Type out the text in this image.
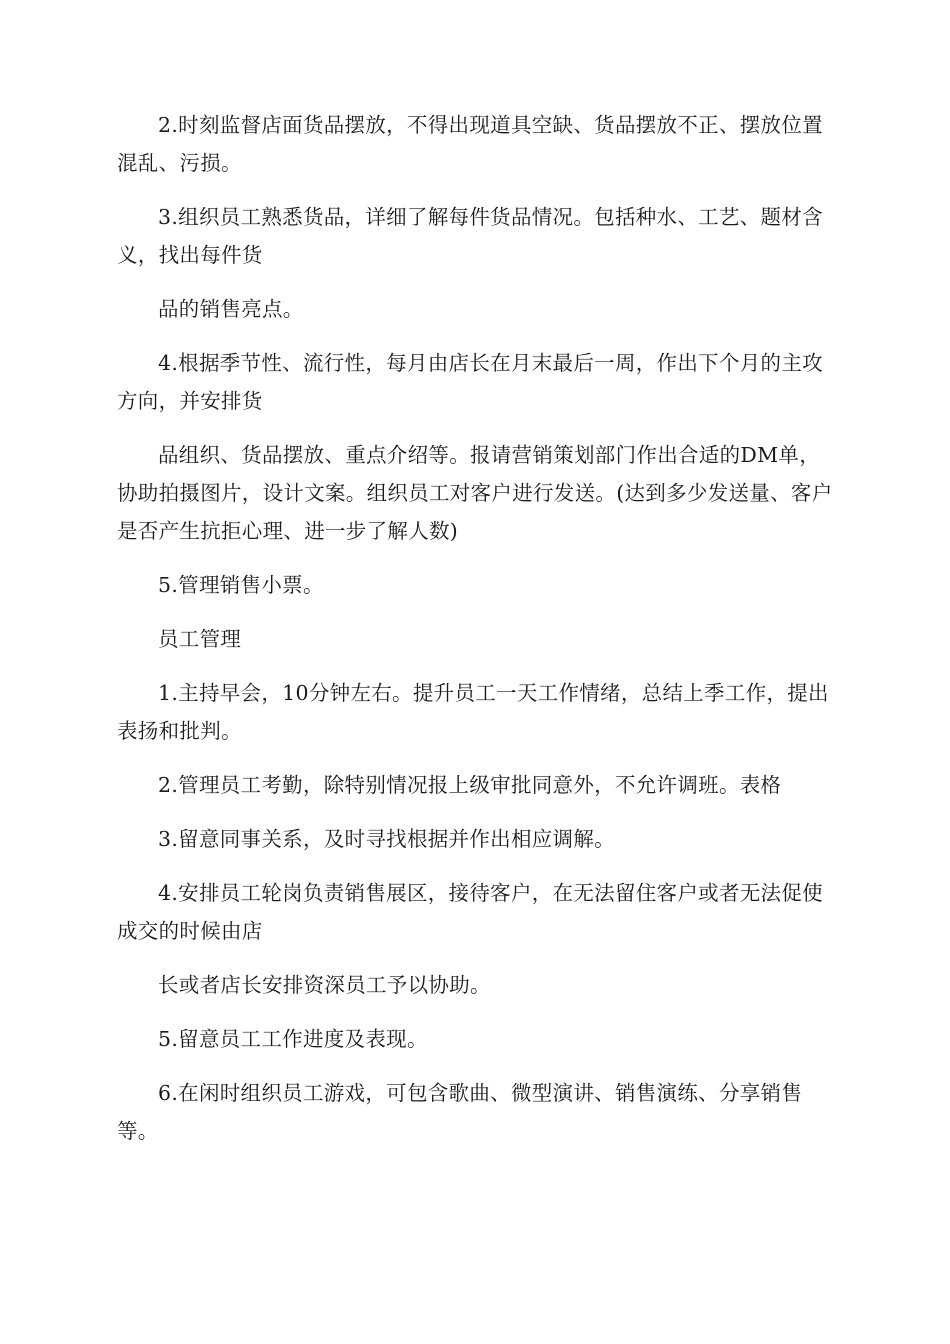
2.时刻监督店面货品摆放，不得出现道具空缺、货品摆放不正、摆放位置混乱、污损。

3.组织员工熟悉货品，详细了解每件货品情况。包括种水、工艺、题材含义，找出每件货

品的销售亮点。

4.根据季节性、流行性，每月由店长在月末最后一周，作出下个月的主攻方向，并安排货

品组织、货品摆放、重点介绍等。报请营销策划部门作出合适的DM单，协助拍摄图片，设计文案。组织员工对客户进行发送。(达到多少发送量、客户是否产生抗拒心理、进一步了解人数)

5.管理销售小票。

员工管理

1.主持早会，10分钟左右。提升员工一天工作情绪，总结上季工作，提出表扬和批判。

2.管理员工考勤，除特别情况报上级审批同意外，不允许调班。表格

3.留意同事关系，及时寻找根据并作出相应调解。

4.安排员工轮岗负责销售展区，接待客户，在无法留住客户或者无法促使成交的时候由店

长或者店长安排资深员工予以协助。

5.留意员工工作进度及表现。

6.在闲时组织员工游戏，可包含歌曲、微型演讲、销售演练、分享销售等。
